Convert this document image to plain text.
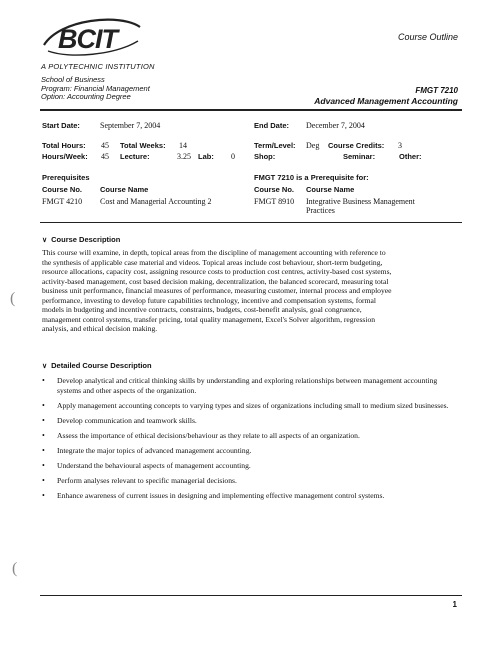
BCIT
A POLYTECHNIC INSTITUTION
Course Outline
School of Business
Program: Financial Management
Option: Accounting Degree
FMGT 7210
Advanced Management Accounting
Start Date:	September 7, 2004	End Date: December 7, 2004
Total Hours: 45 Total Weeks: 14	Term/Level: Deg Course Credits: 3
Hours/Week: 45 Lecture:	3.25 Lab: 0	Shop:	Seminar:	Other:
Prerequisites	FMGT 7210 is a Prerequisite for:
Course No. Course Name	Course No. Course Name
FMGT 4210 Cost and Managerial Accounting 2	FMGT 8910 Integrative Business Management
Practices
∨ Course Description
This course will examine, in depth, topical areas from the discipline of management accounting with reference to
the synthesis of applicable case material and videos. Topical areas include cost behaviour, short-term budgeting,
resource allocations, capacity cost, assigning resource costs to production cost centres, activity-based cost systems,
activity-based management, cost based decision making, decentralization, the balanced scorecard, measuring total
business unit performance, financial measures of performance, measuring customer, internal process and employee
performance, investing to develop future capabilities technology, incentive and compensation systems, formal
models in budgeting and incentive contracts, constraints, budgets, cost-benefit analysis, goal congruence,
management control systems, transfer pricing, total quality management, Excel's Solver algorithm, regression
analysis, and ethical decision making.
∨ Detailed Course Description
• Develop analytical and critical thinking skills by understanding and exploring relationships between management accounting systems and other aspects of the organization.
• Apply management accounting concepts to varying types and sizes of organizations including small to medium sized businesses.
• Develop communication and teamwork skills.
• Assess the importance of ethical decisions/behaviour as they relate to all aspects of an organization.
• Integrate the major topics of advanced management accounting.
• Understand the behavioural aspects of management accounting.
• Perform analyses relevant to specific managerial decisions.
• Enhance awareness of current issues in designing and implementing effective management control systems.
(
(
1
